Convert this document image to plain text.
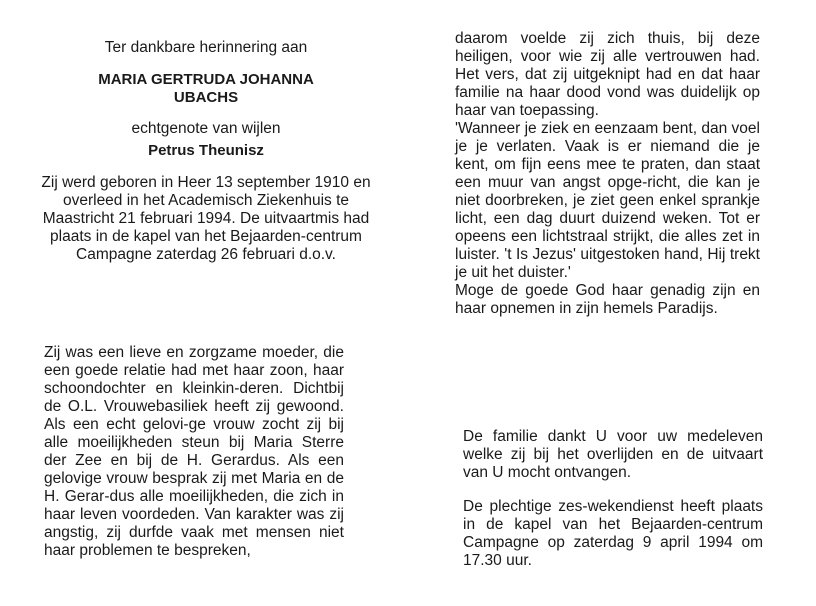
Ter dankbare herinnering aan

MARIA GERTRUDA JOHANNA

UBACHS

echtgenote van wijlen

Petrus Theunisz

Zij werd geboren in Heer 13 september 1910 en overleed in het Academisch Ziekenhuis te Maastricht 21 februari 1994. De uitvaartmis had plaats in de kapel van het Bejaarden-centrum Campagne zaterdag 26 februari d.o.v.

Zij was een lieve en zorgzame moeder, die een goede relatie had met haar zoon, haar schoondochter en kleinkin-deren. Dichtbij de O.L. Vrouwebasiliek heeft zij gewoond. Als een echt gelovi-ge vrouw zocht zij bij alle moeilijkheden steun bij Maria Sterre der Zee en bij de H. Gerardus. Als een gelovige vrouw besprak zij met Maria en de H. Gerar-dus alle moeilijkheden, die zich in haar leven voordeden. Van karakter was zij angstig, zij durfde vaak met mensen niet haar problemen te bespreken,

daarom voelde zij zich thuis, bij deze heiligen, voor wie zij alle vertrouwen had. Het vers, dat zij uitgeknipt had en dat haar familie na haar dood vond was duidelijk op haar van toepassing.

'Wanneer je ziek en eenzaam bent, dan voel je je verlaten. Vaak is er niemand die je kent, om fijn eens mee te praten, dan staat een muur van angst opge-richt, die kan je niet doorbreken, je ziet geen enkel sprankje licht, een dag duurt duizend weken. Tot er opeens een lichtstraal strijkt, die alles zet in luister. 't Is Jezus' uitgestoken hand, Hij trekt je uit het duister.'

Moge de goede God haar genadig zijn en haar opnemen in zijn hemels Paradijs.

De familie dankt U voor uw medeleven welke zij bij het overlijden en de uitvaart van U mocht ontvangen.

De plechtige zes-wekendienst heeft plaats in de kapel van het Bejaarden-centrum Campagne op zaterdag 9 april 1994 om 17.30 uur.
